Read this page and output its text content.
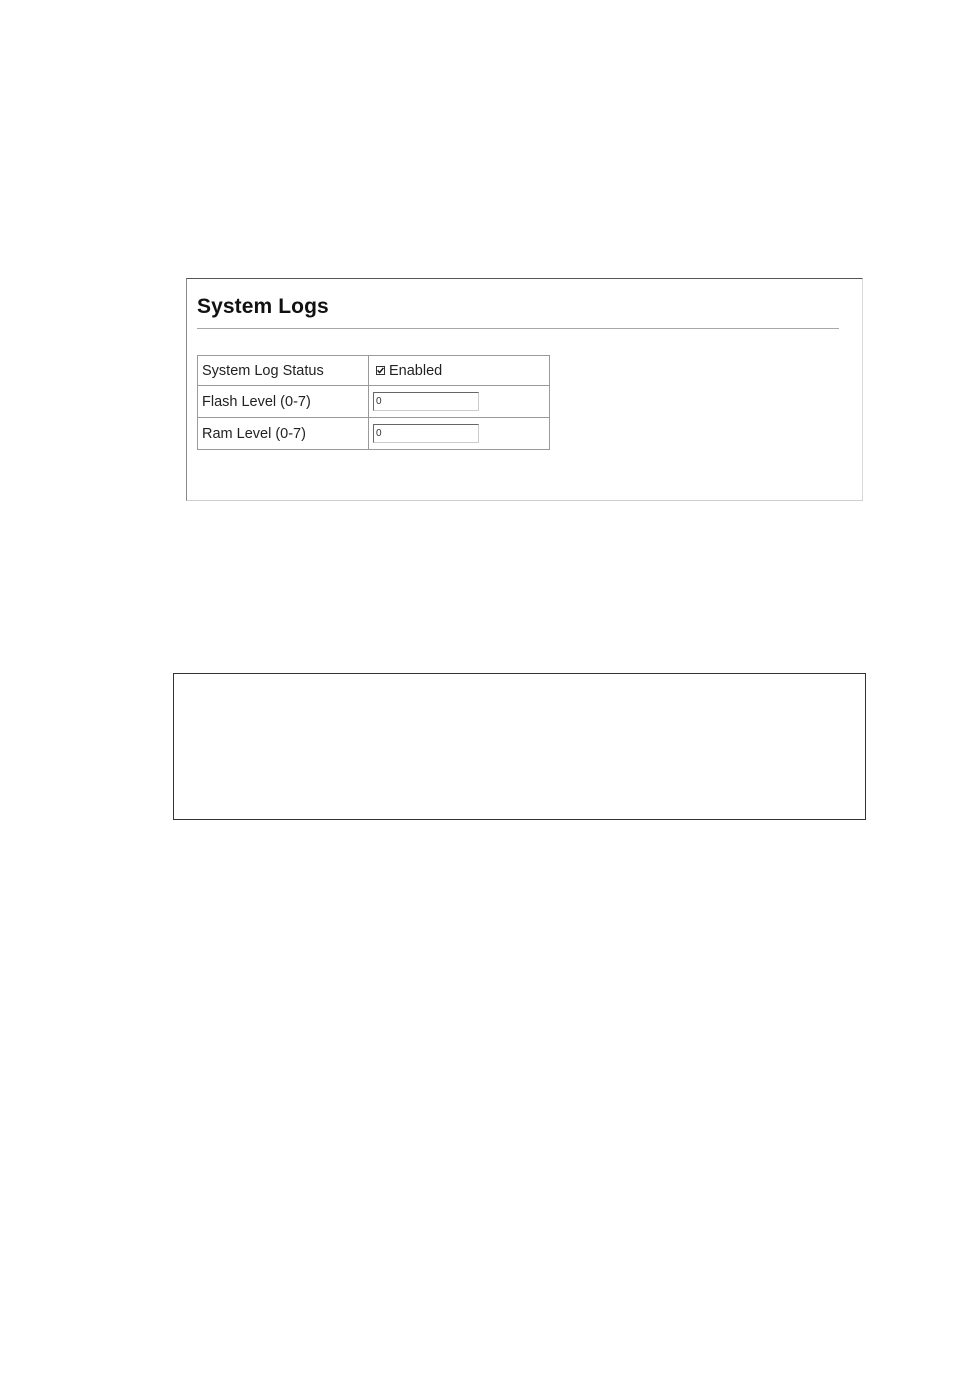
System Logs
System Log Status	Enabled
Flash Level (0-7)
0
Ram Level (0-7)
0
